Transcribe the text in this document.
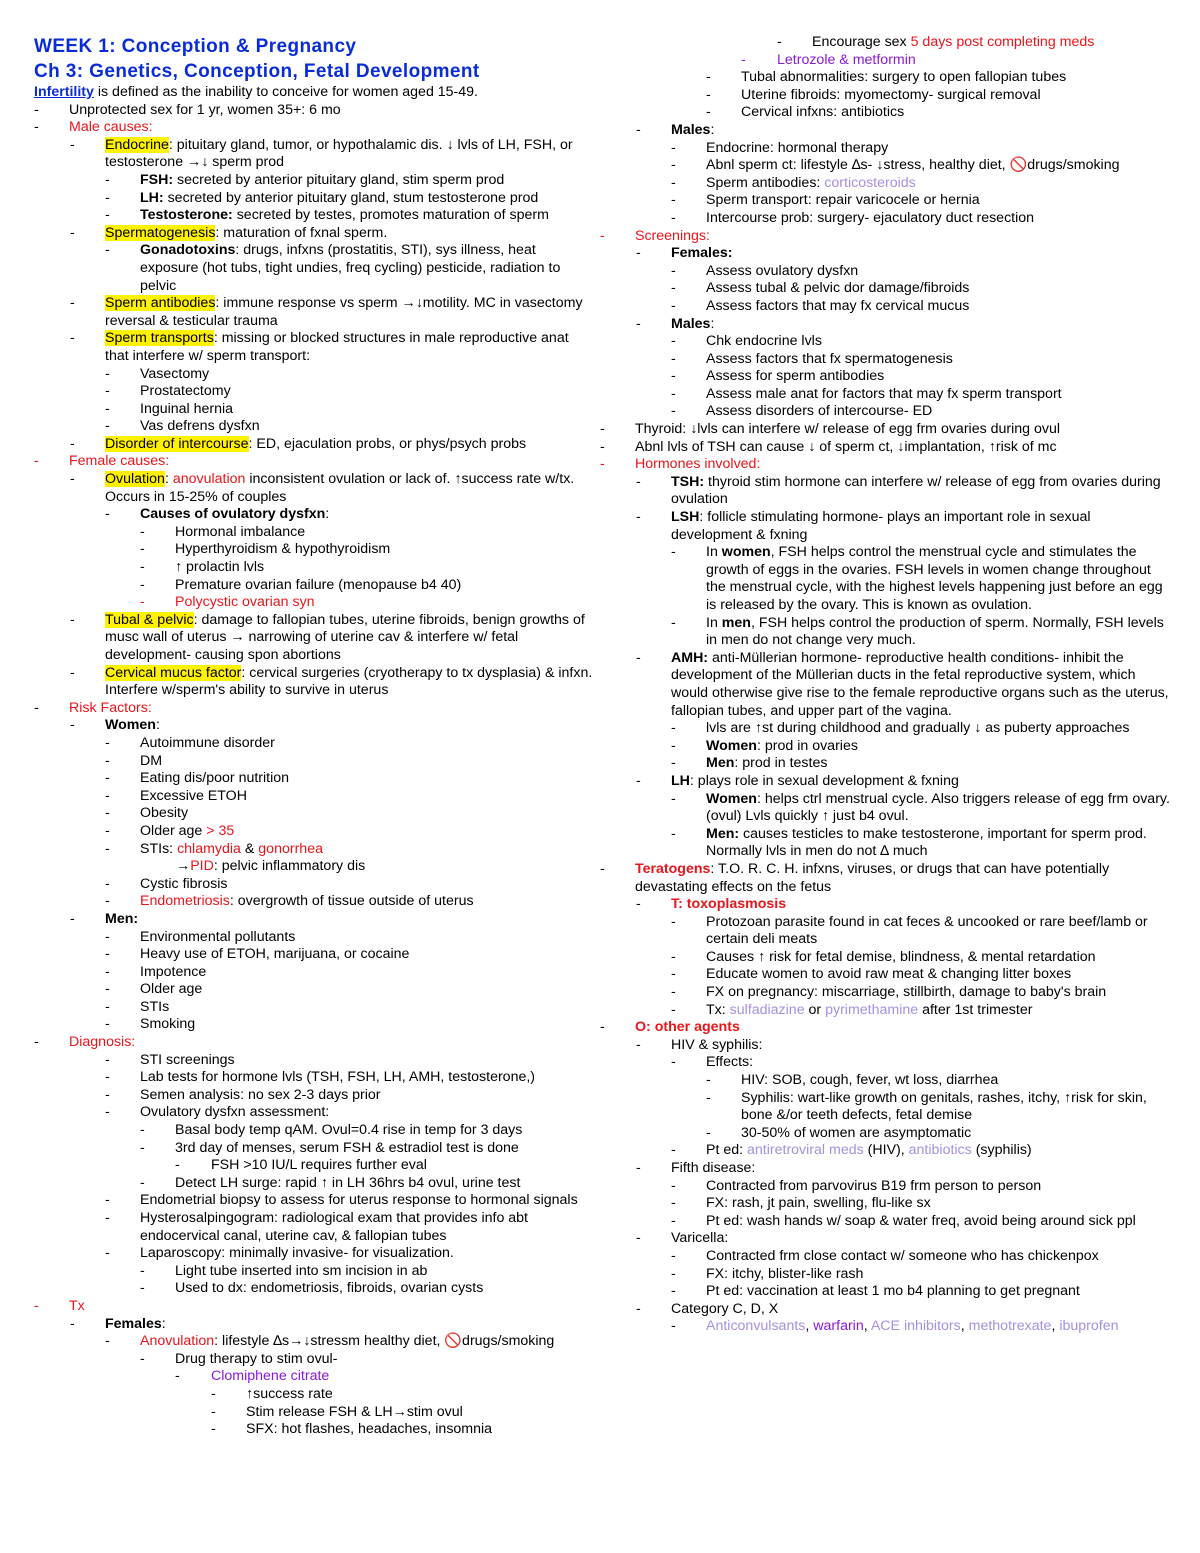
WEEK 1: Conception & Pregnancy
Ch 3: Genetics, Conception, Fetal Development
Infertility is defined as the inability to conceive for women aged 15-49.
- Unprotected sex for 1 yr, women 35+: 6 mo
- Male causes:
- Endocrine: pituitary gland, tumor, or hypothalamic dis. ↓ lvls of LH, FSH, or testosterone →↓ sperm prod
- FSH: secreted by anterior pituitary gland, stim sperm prod
- LH: secreted by anterior pituitary gland, stum testosterone prod
- Testosterone: secreted by testes, promotes maturation of sperm
- Spermatogenesis: maturation of fxnal sperm.
- Gonadotoxins: drugs, infxns (prostatitis, STI), sys illness, heat exposure (hot tubs, tight undies, freq cycling) pesticide, radiation to pelvic
- Sperm antibodies: immune response vs sperm →↓motility. MC in vasectomy reversal & testicular trauma
- Sperm transports: missing or blocked structures in male reproductive anat that interfere w/ sperm transport:
- Vasectomy
- Prostatectomy
- Inguinal hernia
- Vas defrens dysfxn
- Disorder of intercourse: ED, ejaculation probs, or phys/psych probs
- Female causes:
- Ovulation: anovulation inconsistent ovulation or lack of. ↑success rate w/tx. Occurs in 15-25% of couples
- Causes of ovulatory dysfxn:
- Hormonal imbalance
- Hyperthyroidism & hypothyroidism
- ↑ prolactin lvls
- Premature ovarian failure (menopause b4 40)
- Polycystic ovarian syn
- Tubal & pelvic: damage to fallopian tubes, uterine fibroids, benign growths of musc wall of uterus → narrowing of uterine cav & interfere w/ fetal development- causing spon abortions
- Cervical mucus factor: cervical surgeries (cryotherapy to tx dysplasia) & infxn. Interfere w/sperm's ability to survive in uterus
- Risk Factors:
- Women:
- Autoimmune disorder
- DM
- Eating dis/poor nutrition
- Excessive ETOH
- Obesity
- Older age > 35
- STIs: chlamydia & gonorrhea
→PID: pelvic inflammatory dis
- Cystic fibrosis
- Endometriosis: overgrowth of tissue outside of uterus
- Men:
- Environmental pollutants
- Heavy use of ETOH, marijuana, or cocaine
- Impotence
- Older age
- STIs
- Smoking
- Diagnosis:
- STI screenings
- Lab tests for hormone lvls (TSH, FSH, LH, AMH, testosterone,)
- Semen analysis: no sex 2-3 days prior
- Ovulatory dysfxn assessment:
- Basal body temp qAM. Ovul=0.4 rise in temp for 3 days
- 3rd day of menses, serum FSH & estradiol test is done
- FSH >10 IU/L requires further eval
- Detect LH surge: rapid ↑ in LH 36hrs b4 ovul, urine test
- Endometrial biopsy to assess for uterus response to hormonal signals
- Hysterosalpingogram: radiological exam that provides info abt endocervical canal, uterine cav, & fallopian tubes
- Laparoscopy: minimally invasive- for visualization.
- Light tube inserted into sm incision in ab
- Used to dx: endometriosis, fibroids, ovarian cysts
- Tx
- Females:
- Anovulation: lifestyle ∆s→↓stressm healthy diet, 🚫drugs/smoking
- Drug therapy to stim ovul-
- Clomiphene citrate
- ↑success rate
- Stim release FSH & LH→stim ovul
- SFX: hot flashes, headaches, insomnia
- Encourage sex 5 days post completing meds
- Letrozole & metformin
- Tubal abnormalities: surgery to open fallopian tubes
- Uterine fibroids: myomectomy- surgical removal
- Cervical infxns: antibiotics
- Males:
- Endocrine: hormonal therapy
- Abnl sperm ct: lifestyle ∆s- ↓stress, healthy diet, 🚫drugs/smoking
- Sperm antibodies: corticosteroids
- Sperm transport: repair varicocele or hernia
- Intercourse prob: surgery- ejaculatory duct resection
- Screenings:
- Females:
- Assess ovulatory dysfxn
- Assess tubal & pelvic dor damage/fibroids
- Assess factors that may fx cervical mucus
- Males:
- Chk endocrine lvls
- Assess factors that fx spermatogenesis
- Assess for sperm antibodies
- Assess male anat for factors that may fx sperm transport
- Assess disorders of intercourse- ED
- Thyroid: ↓lvls can interfere w/ release of egg frm ovaries during ovul
- Abnl lvls of TSH can cause ↓ of sperm ct, ↓implantation, ↑risk of mc
- Hormones involved:
- TSH: thyroid stim hormone can interfere w/ release of egg from ovaries during ovulation
- LSH: follicle stimulating hormone- plays an important role in sexual development & fxning
- In women, FSH helps control the menstrual cycle and stimulates the growth of eggs in the ovaries. FSH levels in women change throughout the menstrual cycle, with the highest levels happening just before an egg is released by the ovary. This is known as ovulation.
- In men, FSH helps control the production of sperm. Normally, FSH levels in men do not change very much.
- AMH: anti-Müllerian hormone- reproductive health conditions- inhibit the development of the Müllerian ducts in the fetal reproductive system, which would otherwise give rise to the female reproductive organs such as the uterus, fallopian tubes, and upper part of the vagina.
- lvls are ↑st during childhood and gradually ↓ as puberty approaches
- Women: prod in ovaries
- Men: prod in testes
- LH: plays role in sexual development & fxning
- Women: helps ctrl menstrual cycle. Also triggers release of egg frm ovary. (ovul) Lvls quickly ↑ just b4 ovul.
- Men: causes testicles to make testosterone, important for sperm prod. Normally lvls in men do not ∆ much
- Teratogens: T.O. R. C. H. infxns, viruses, or drugs that can have potentially devastating effects on the fetus
- T: toxoplasmosis
- Protozoan parasite found in cat feces & uncooked or rare beef/lamb or certain deli meats
- Causes ↑ risk for fetal demise, blindness, & mental retardation
- Educate women to avoid raw meat & changing litter boxes
- FX on pregnancy: miscarriage, stillbirth, damage to baby's brain
- Tx: sulfadiazine or pyrimethamine after 1st trimester
- O: other agents
- HIV & syphilis:
- Effects:
- HIV: SOB, cough, fever, wt loss, diarrhea
- Syphilis: wart-like growth on genitals, rashes, itchy, ↑risk for skin, bone &/or teeth defects, fetal demise
- 30-50% of women are asymptomatic
- Pt ed: antiretroviral meds (HIV), antibiotics (syphilis)
- Fifth disease:
- Contracted from parvovirus B19 frm person to person
- FX: rash, jt pain, swelling, flu-like sx
- Pt ed: wash hands w/ soap & water freq, avoid being around sick ppl
- Varicella:
- Contracted frm close contact w/ someone who has chickenpox
- FX: itchy, blister-like rash
- Pt ed: vaccination at least 1 mo b4 planning to get pregnant
- Category C, D, X
- Anticonvulsants, warfarin, ACE inhibitors, methotrexate, ibuprofen
